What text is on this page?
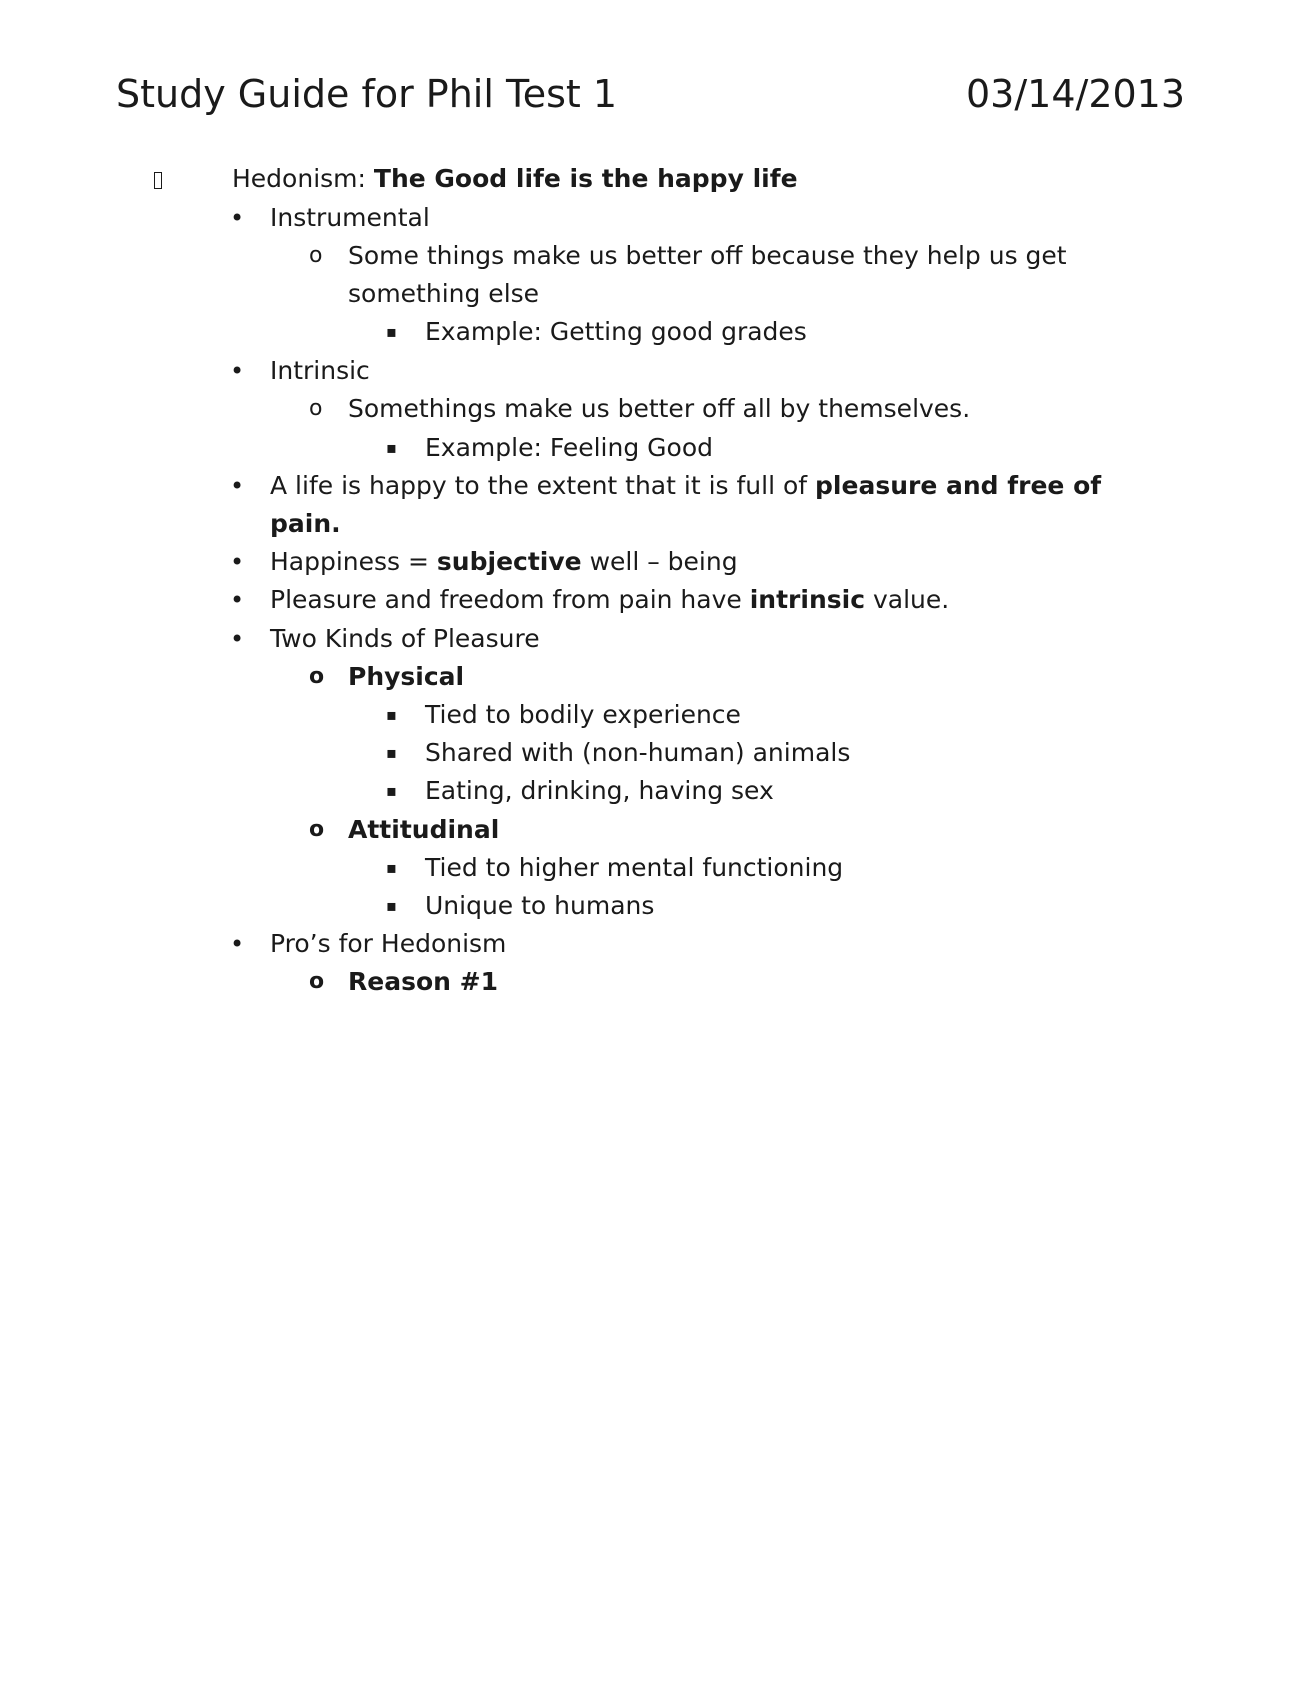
Study Guide for Phil Test 1	03/14/2013
Hedonism: The Good life is the happy life
• Instrumental
o Some things make us better off because they help us get
something else
▪ Example: Getting good grades
• Intrinsic
o Somethings make us better off all by themselves.
▪ Example: Feeling Good
• A life is happy to the extent that it is full of pleasure and free of
pain.
• Happiness = subjective well – being
• Pleasure and freedom from pain have intrinsic value.
• Two Kinds of Pleasure
o Physical
▪ Tied to bodily experience
▪ Shared with (non-human) animals
▪ Eating, drinking, having sex
o Attitudinal
▪ Tied to higher mental functioning
▪ Unique to humans
• Pro’s for Hedonism
o Reason #1
